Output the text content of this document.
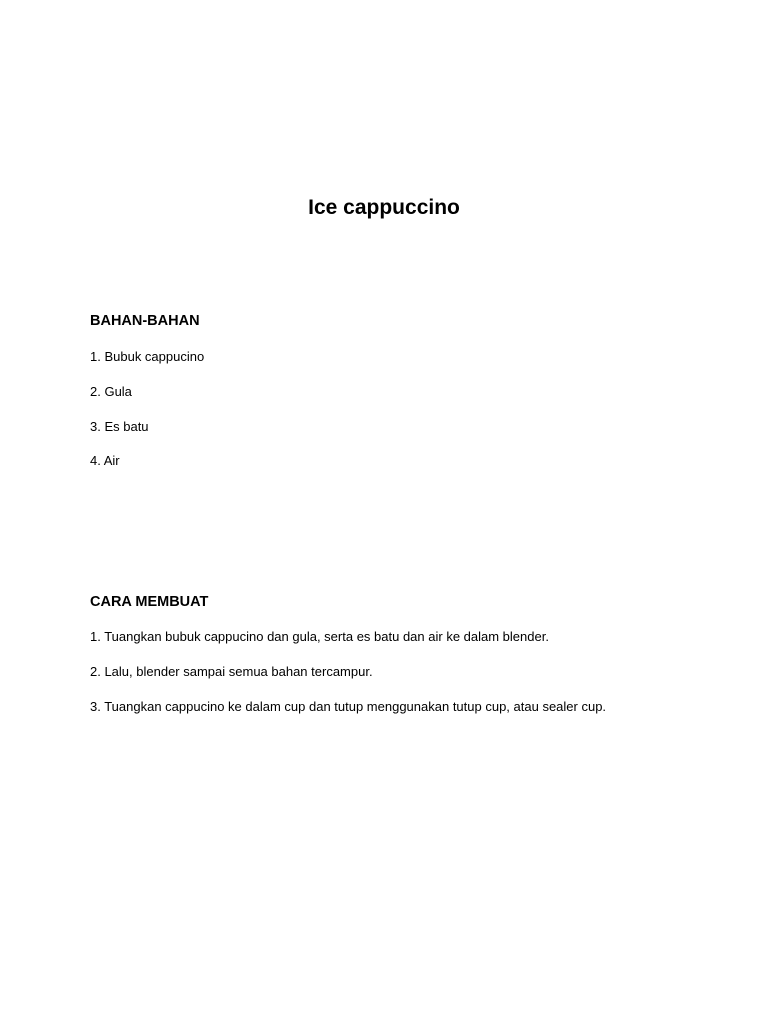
Ice cappuccino
BAHAN-BAHAN
1. Bubuk cappucino
2. Gula
3. Es batu
4. Air
CARA MEMBUAT
1. Tuangkan bubuk cappucino dan gula, serta es batu dan air ke dalam blender.
2. Lalu, blender sampai semua bahan tercampur.
3. Tuangkan cappucino ke dalam cup dan tutup menggunakan tutup cup, atau sealer cup.
